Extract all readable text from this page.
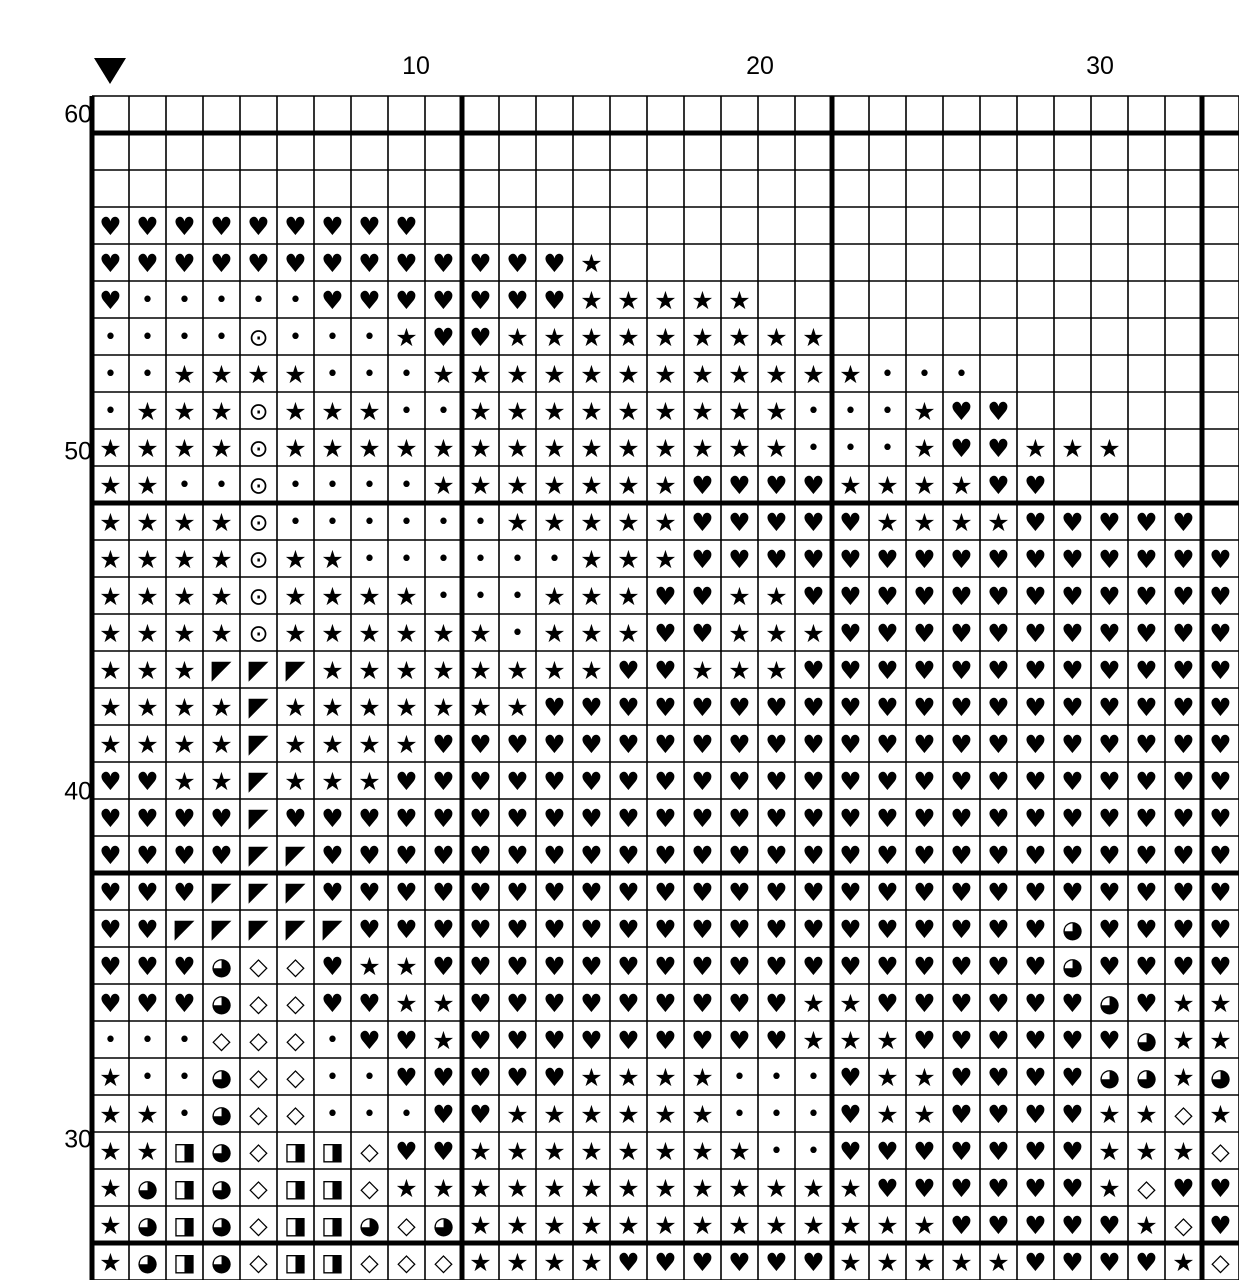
10	20	30
60
50
40
30
♥ ♥ ♥ ♥ ♥ ♥ ♥ ♥ ♥
♥ ♥ ♥ ♥ ♥ ♥ ♥ ♥ ♥ ♥ ♥ ♥ ♥ ★
♥ • • • • • ♥ ♥ ♥ ♥ ♥ ♥ ♥ ★ ★ ★ ★ ★
• • • • ⊙ • • • ★ ♥ ♥ ★ ★ ★ ★ ★ ★ ★ ★ ★
• • ★ ★ ★ ★ • • • ★ ★ ★ ★ ★ ★ ★ ★ ★ ★ ★ ★ • • •
• ★ ★ ★ ⊙ ★ ★ ★ • • ★ ★ ★ ★ ★ ★ ★ ★ ★ • • • ★ ♥ ♥
★ ★ ★ ★ ⊙ ★ ★ ★ ★ ★ ★ ★ ★ ★ ★ ★ ★ ★ ★ • • • ★ ♥ ♥ ★ ★ ★
★ ★ • • ⊙ • • • • ★ ★ ★ ★ ★ ★ ★ ♥ ♥ ♥ ♥ ★ ★ ★ ★ ♥ ♥
★ ★ ★ ★ ⊙ • • • • • • ★ ★ ★ ★ ★ ♥ ♥ ♥ ♥ ♥ ★ ★ ★ ★ ♥ ♥ ♥ ♥ ♥
★ ★ ★ ★ ⊙ ★ ★ • • • • • • ★ ★ ★ ♥ ♥ ♥ ♥ ♥ ♥ ♥ ♥ ♥ ♥ ♥ ♥ ♥ ♥ ♥
★ ★ ★ ★ ⊙ ★ ★ ★ ★ • • • ★ ★ ★ ♥ ♥ ★ ★ ♥ ♥ ♥ ♥ ♥ ♥ ♥ ♥ ♥ ♥ ♥ ♥
★ ★ ★ ★ ⊙ ★ ★ ★ ★ ★ ★ • ★ ★ ★ ♥ ♥ ★ ★ ★ ♥ ♥ ♥ ♥ ♥ ♥ ♥ ♥ ♥ ♥ ♥
★ ★ ★ ◤ ◤ ◤ ★ ★ ★ ★ ★ ★ ★ ★ ♥ ♥ ★ ★ ★ ♥ ♥ ♥ ♥ ♥ ♥ ♥ ♥ ♥ ♥ ♥ ♥
★ ★ ★ ★ ◤ ★ ★ ★ ★ ★ ★ ★ ♥ ♥ ♥ ♥ ♥ ♥ ♥ ♥ ♥ ♥ ♥ ♥ ♥ ♥ ♥ ♥ ♥ ♥ ♥
★ ★ ★ ★ ◤ ★ ★ ★ ★ ♥ ♥ ♥ ♥ ♥ ♥ ♥ ♥ ♥ ♥ ♥ ♥ ♥ ♥ ♥ ♥ ♥ ♥ ♥ ♥ ♥ ♥
♥ ♥ ★ ★ ◤ ★ ★ ★ ♥ ♥ ♥ ♥ ♥ ♥ ♥ ♥ ♥ ♥ ♥ ♥ ♥ ♥ ♥ ♥ ♥ ♥ ♥ ♥ ♥ ♥ ♥
♥ ♥ ♥ ♥ ◤ ♥ ♥ ♥ ♥ ♥ ♥ ♥ ♥ ♥ ♥ ♥ ♥ ♥ ♥ ♥ ♥ ♥ ♥ ♥ ♥ ♥ ♥ ♥ ♥ ♥ ♥
♥ ♥ ♥ ♥ ◤ ◤ ♥ ♥ ♥ ♥ ♥ ♥ ♥ ♥ ♥ ♥ ♥ ♥ ♥ ♥ ♥ ♥ ♥ ♥ ♥ ♥ ♥ ♥ ♥ ♥ ♥
♥ ♥ ♥ ◤ ◤ ◤ ♥ ♥ ♥ ♥ ♥ ♥ ♥ ♥ ♥ ♥ ♥ ♥ ♥ ♥ ♥ ♥ ♥ ♥ ♥ ♥ ♥ ♥ ♥ ♥ ♥
♥ ♥ ◤ ◤ ◤ ◤ ◤ ♥ ♥ ♥ ♥ ♥ ♥ ♥ ♥ ♥ ♥ ♥ ♥ ♥ ♥ ♥ ♥ ♥ ♥ ♥ ◕ ♥ ♥ ♥ ♥
♥ ♥ ♥ ◕ ◇ ◇ ♥ ★ ★ ♥ ♥ ♥ ♥ ♥ ♥ ♥ ♥ ♥ ♥ ♥ ♥ ♥ ♥ ♥ ♥ ♥ ◕ ♥ ♥ ♥ ♥
♥ ♥ ♥ ◕ ◇ ◇ ♥ ♥ ★ ★ ♥ ♥ ♥ ♥ ♥ ♥ ♥ ♥ ♥ ★ ★ ♥ ♥ ♥ ♥ ♥ ♥ ◕ ♥ ★ ★
• • • ◇ ◇ ◇ • ♥ ♥ ★ ♥ ♥ ♥ ♥ ♥ ♥ ♥ ♥ ♥ ★ ★ ★ ♥ ♥ ♥ ♥ ♥ ♥ ◕ ★ ★
★ • • ◕ ◇ ◇ • • ♥ ♥ ♥ ♥ ♥ ★ ★ ★ ★ • • • ♥ ★ ★ ♥ ♥ ♥ ♥ ◕ ◕ ★ ◕
★ ★ • ◕ ◇ ◇ • • • ♥ ♥ ★ ★ ★ ★ ★ ★ • • • ♥ ★ ★ ♥ ♥ ♥ ♥ ★ ★ ◇ ★
★ ★ ◨ ◕ ◇ ◨ ◨ ◇ ♥ ♥ ★ ★ ★ ★ ★ ★ ★ ★ • • ♥ ♥ ♥ ♥ ♥ ♥ ♥ ★ ★ ★ ◇
★ ◕ ◨ ◕ ◇ ◨ ◨ ◇ ★ ★ ★ ★ ★ ★ ★ ★ ★ ★ ★ ★ ★ ♥ ♥ ♥ ♥ ♥ ♥ ★ ◇ ♥ ♥
★ ◕ ◨ ◕ ◇ ◨ ◨ ◕ ◇ ◕ ★ ★ ★ ★ ★ ★ ★ ★ ★ ★ ★ ★ ★ ♥ ♥ ♥ ♥ ♥ ★ ◇ ♥
★ ◕ ◨ ◕ ◇ ◨ ◨ ◇ ◇ ◇ ★ ★ ★ ★ ♥ ♥ ♥ ♥ ♥ ♥ ★ ★ ★ ★ ★ ♥ ♥ ♥ ♥ ★ ◇
